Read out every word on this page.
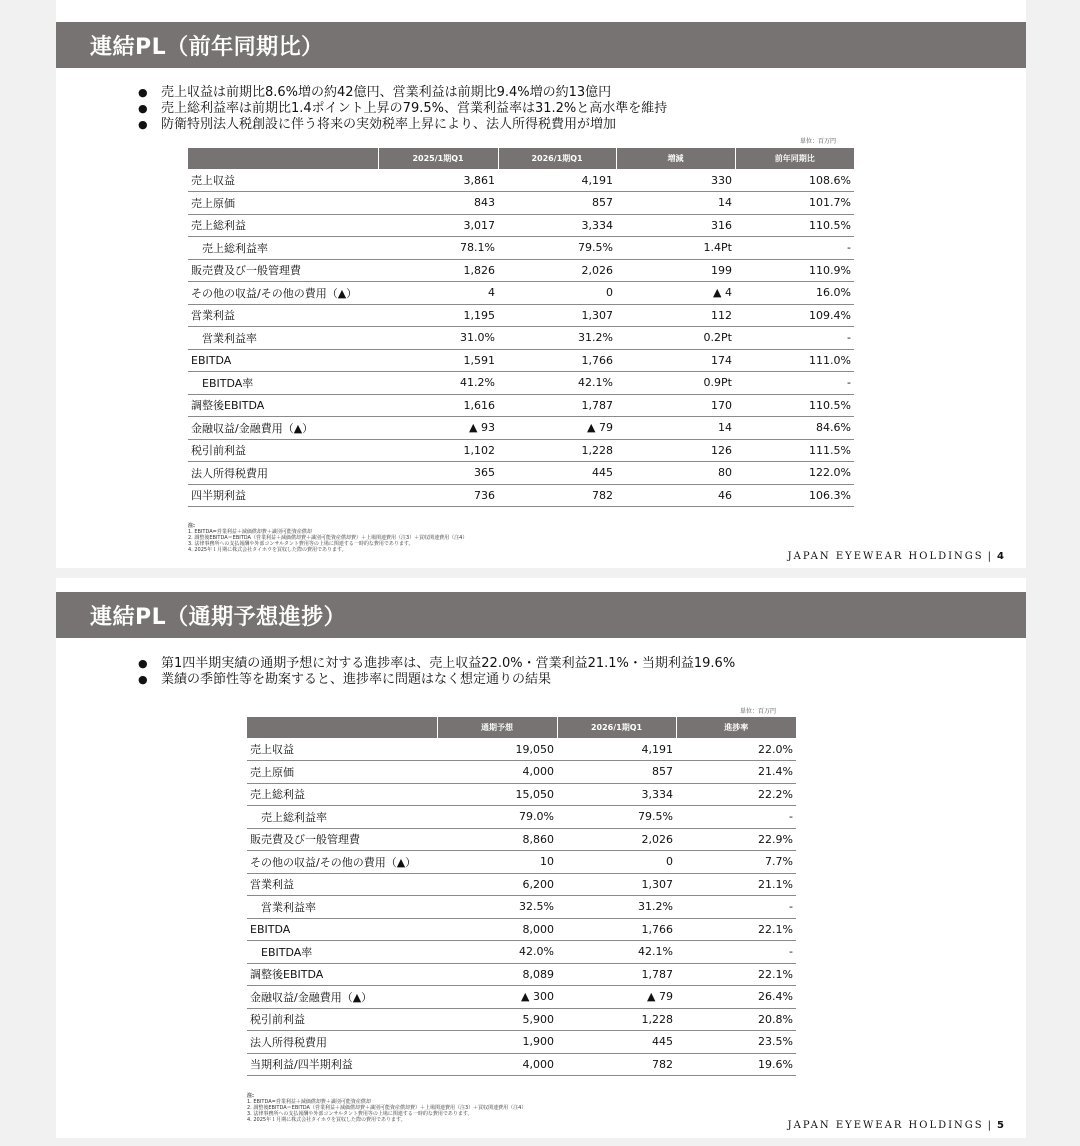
連結PL（前年同期比）
● 売上収益は前期比8.6%増の約42億円、営業利益は前期比9.4%増の約13億円
● 売上総利益率は前期比1.4ポイント上昇の79.5%、営業利益率は31.2%と高水準を維持
● 防衛特別法人税創設に伴う将来の実効税率上昇により、法人所得税費用が増加
単位：百万円
	2025/1期Q1	2026/1期Q1	増減	前年同期比
売上収益	3,861	4,191	330	108.6%
売上原価	843	857	14	101.7%
売上総利益	3,017	3,334	316	110.5%
売上総利益率	78.1%	79.5%	1.4Pt	-
販売費及び一般管理費	1,826	2,026	199	110.9%
その他の収益/その他の費用（▲）	4	0	▲ 4	16.0%
営業利益	1,195	1,307	112	109.4%
営業利益率	31.0%	31.2%	0.2Pt	-
EBITDA	1,591	1,766	174	111.0%
EBITDA率	41.2%	42.1%	0.9Pt	-
調整後EBITDA	1,616	1,787	170	110.5%
金融収益/金融費用（▲）	▲ 93	▲ 79	14	84.6%
税引前利益	1,102	1,228	126	111.5%
法人所得税費用	365	445	80	122.0%
四半期利益	736	782	46	106.3%
注:
1. EBITDA=営業利益＋減価償却費＋識別可能資産償却
2. 調整後EBITDA＝EBITDA（営業利益＋減価償却費＋識別可能資産償却費）＋上場関連費用（注3）＋買収関連費用（注4）
3. 法律事務所への支払報酬や外部コンサルタント費用等の上場に関連する一時的な費用であります。
4. 2025年１月期に株式会社タイホウを買収した際の費用であります。
JAPAN EYEWEAR HOLDINGS | 4
連結PL（通期予想進捗）
● 第1四半期実績の通期予想に対する進捗率は、売上収益22.0%・営業利益21.1%・当期利益19.6%
● 業績の季節性等を勘案すると、進捗率に問題はなく想定通りの結果
単位：百万円
	通期予想	2026/1期Q1	進捗率
売上収益	19,050	4,191	22.0%
売上原価	4,000	857	21.4%
売上総利益	15,050	3,334	22.2%
売上総利益率	79.0%	79.5%	-
販売費及び一般管理費	8,860	2,026	22.9%
その他の収益/その他の費用（▲）	10	0	7.7%
営業利益	6,200	1,307	21.1%
営業利益率	32.5%	31.2%	-
EBITDA	8,000	1,766	22.1%
EBITDA率	42.0%	42.1%	-
調整後EBITDA	8,089	1,787	22.1%
金融収益/金融費用（▲）	▲ 300	▲ 79	26.4%
税引前利益	5,900	1,228	20.8%
法人所得税費用	1,900	445	23.5%
当期利益/四半期利益	4,000	782	19.6%
注:
1. EBITDA=営業利益＋減価償却費＋識別可能資産償却
2. 調整後EBITDA＝EBITDA（営業利益＋減価償却費＋識別可能資産償却費）＋上場関連費用（注3）＋買収関連費用（注4）
3. 法律事務所への支払報酬や外部コンサルタント費用等の上場に関連する一時的な費用であります。
4. 2025年１月期に株式会社タイホウを買収した際の費用であります。	JAPAN EYEWEAR HOLDINGS | 5
